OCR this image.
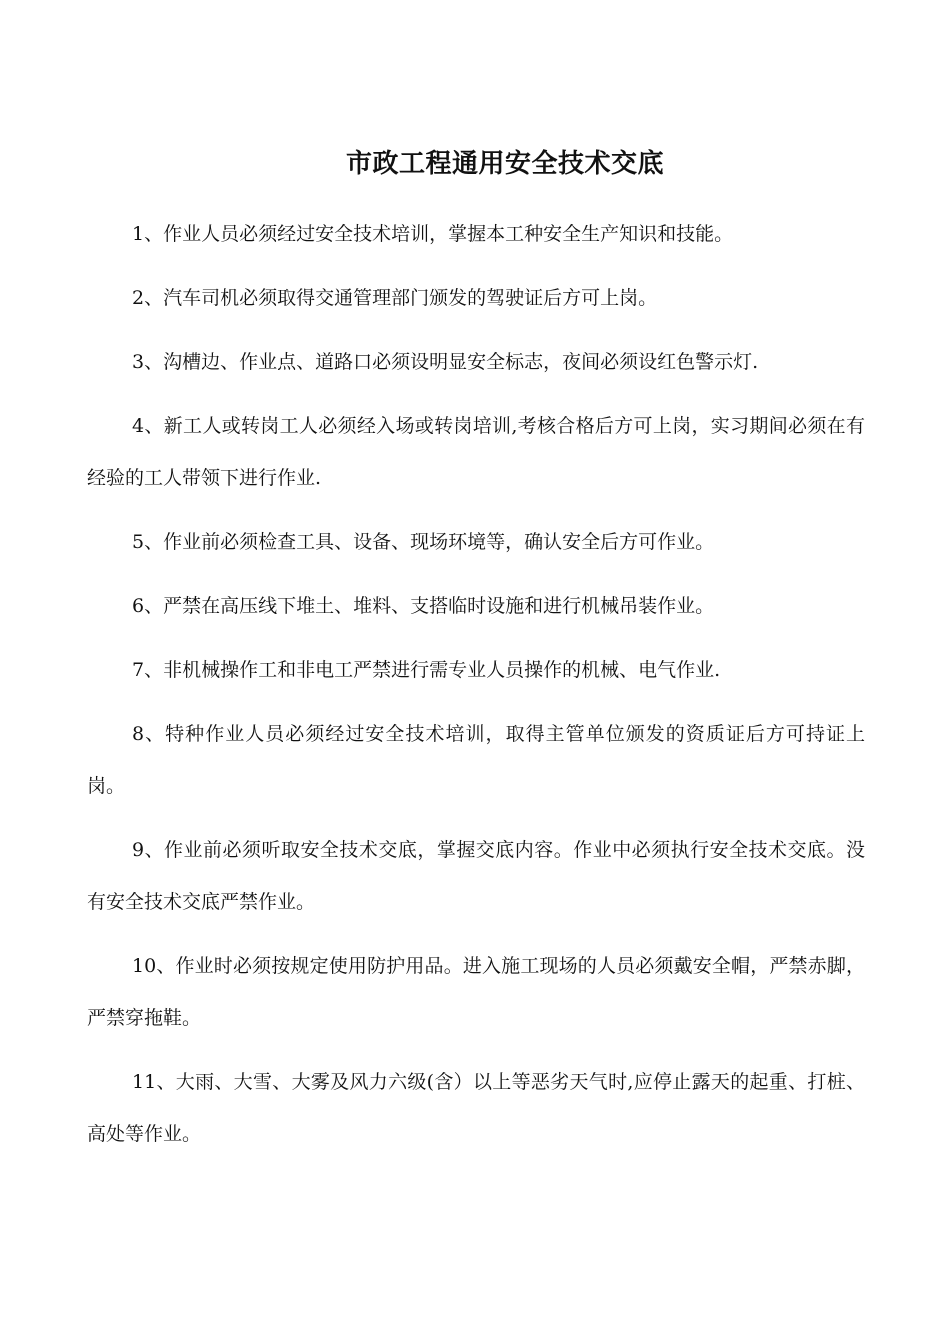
市政工程通用安全技术交底

1、作业人员必须经过安全技术培训，掌握本工种安全生产知识和技能。

2、汽车司机必须取得交通管理部门颁发的驾驶证后方可上岗。

3、沟槽边、作业点、道路口必须设明显安全标志，夜间必须设红色警示灯.

4、新工人或转岗工人必须经入场或转岗培训,考核合格后方可上岗，实习期间必须在有经验的工人带领下进行作业.

5、作业前必须检查工具、设备、现场环境等，确认安全后方可作业。

6、严禁在高压线下堆土、堆料、支搭临时设施和进行机械吊装作业。

7、非机械操作工和非电工严禁进行需专业人员操作的机械、电气作业.

8、特种作业人员必须经过安全技术培训，取得主管单位颁发的资质证后方可持证上岗。

9、作业前必须听取安全技术交底，掌握交底内容。作业中必须执行安全技术交底。没有安全技术交底严禁作业。

10、作业时必须按规定使用防护用品。进入施工现场的人员必须戴安全帽，严禁赤脚，严禁穿拖鞋。

11、大雨、大雪、大雾及风力六级(含）以上等恶劣天气时,应停止露天的起重、打桩、高处等作业。
